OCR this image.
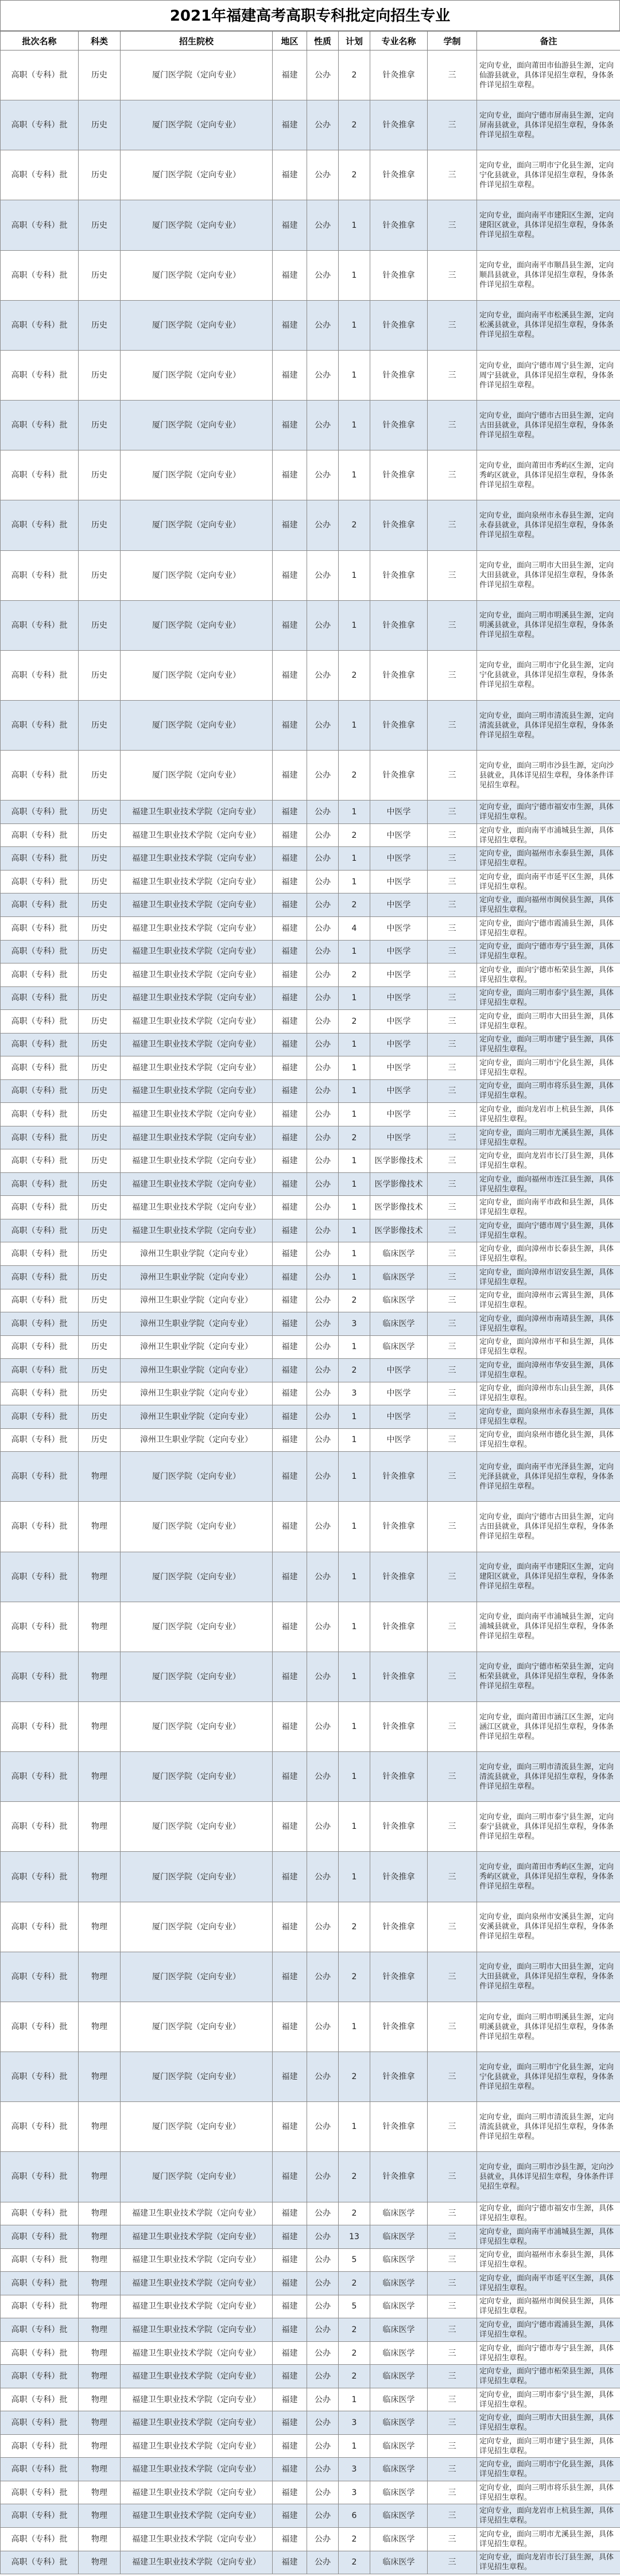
2021年福建高考高职专科批定向招生专业
批次名称	科类	招生院校	地区	性质	计划	专业名称	学制	备注
高职（专科）批	历史	厦门医学院（定向专业）	福建	公办	2	针灸推拿	三	定向专业，面向莆田市仙游县生源，定向仙游县就业，具体详见招生章程，身体条件详见招生章程。
高职（专科）批	历史	厦门医学院（定向专业）	福建	公办	2	针灸推拿	三	定向专业，面向宁德市屏南县生源，定向屏南县就业，具体详见招生章程，身体条件详见招生章程。
高职（专科）批	历史	厦门医学院（定向专业）	福建	公办	2	针灸推拿	三	定向专业，面向三明市宁化县生源，定向宁化县就业，具体详见招生章程，身体条件详见招生章程。
高职（专科）批	历史	厦门医学院（定向专业）	福建	公办	1	针灸推拿	三	定向专业，面向南平市建阳区生源，定向建阳区就业，具体详见招生章程，身体条件详见招生章程。
高职（专科）批	历史	厦门医学院（定向专业）	福建	公办	1	针灸推拿	三	定向专业，面向南平市顺昌县生源，定向顺昌县就业，具体详见招生章程，身体条件详见招生章程。
高职（专科）批	历史	厦门医学院（定向专业）	福建	公办	1	针灸推拿	三	定向专业，面向南平市松溪县生源，定向松溪县就业，具体详见招生章程，身体条件详见招生章程。
高职（专科）批	历史	厦门医学院（定向专业）	福建	公办	1	针灸推拿	三	定向专业，面向宁德市周宁县生源，定向周宁县就业，具体详见招生章程，身体条件详见招生章程。
高职（专科）批	历史	厦门医学院（定向专业）	福建	公办	1	针灸推拿	三	定向专业，面向宁德市古田县生源，定向古田县就业，具体详见招生章程，身体条件详见招生章程。
高职（专科）批	历史	厦门医学院（定向专业）	福建	公办	1	针灸推拿	三	定向专业，面向莆田市秀屿区生源，定向秀屿区就业，具体详见招生章程，身体条件详见招生章程。
高职（专科）批	历史	厦门医学院（定向专业）	福建	公办	2	针灸推拿	三	定向专业，面向泉州市永春县生源，定向永春县就业，具体详见招生章程，身体条件详见招生章程。
高职（专科）批	历史	厦门医学院（定向专业）	福建	公办	1	针灸推拿	三	定向专业，面向三明市大田县生源，定向大田县就业，具体详见招生章程，身体条件详见招生章程。
高职（专科）批	历史	厦门医学院（定向专业）	福建	公办	1	针灸推拿	三	定向专业，面向三明市明溪县生源，定向明溪县就业，具体详见招生章程，身体条件详见招生章程。
高职（专科）批	历史	厦门医学院（定向专业）	福建	公办	2	针灸推拿	三	定向专业，面向三明市宁化县生源，定向宁化县就业，具体详见招生章程，身体条件详见招生章程。
高职（专科）批	历史	厦门医学院（定向专业）	福建	公办	1	针灸推拿	三	定向专业，面向三明市清流县生源，定向清流县就业，具体详见招生章程，身体条件详见招生章程。
高职（专科）批	历史	厦门医学院（定向专业）	福建	公办	2	针灸推拿	三	定向专业，面向三明市沙县生源，定向沙县就业，具体详见招生章程，身体条件详见招生章程。
高职（专科）批	历史	福建卫生职业技术学院（定向专业）	福建	公办	1	中医学	三	定向专业，面向宁德市福安市生源，具体详见招生章程。
高职（专科）批	历史	福建卫生职业技术学院（定向专业）	福建	公办	2	中医学	三	定向专业，面向南平市浦城县生源，具体详见招生章程。
高职（专科）批	历史	福建卫生职业技术学院（定向专业）	福建	公办	1	中医学	三	定向专业，面向福州市永泰县生源，具体详见招生章程。
高职（专科）批	历史	福建卫生职业技术学院（定向专业）	福建	公办	1	中医学	三	定向专业，面向南平市延平区生源，具体详见招生章程。
高职（专科）批	历史	福建卫生职业技术学院（定向专业）	福建	公办	2	中医学	三	定向专业，面向福州市闽侯县生源，具体详见招生章程。
高职（专科）批	历史	福建卫生职业技术学院（定向专业）	福建	公办	4	中医学	三	定向专业，面向宁德市霞浦县生源，具体详见招生章程。
高职（专科）批	历史	福建卫生职业技术学院（定向专业）	福建	公办	1	中医学	三	定向专业，面向宁德市寿宁县生源，具体详见招生章程。
高职（专科）批	历史	福建卫生职业技术学院（定向专业）	福建	公办	2	中医学	三	定向专业，面向宁德市柘荣县生源，具体详见招生章程。
高职（专科）批	历史	福建卫生职业技术学院（定向专业）	福建	公办	1	中医学	三	定向专业，面向三明市泰宁县生源，具体详见招生章程。
高职（专科）批	历史	福建卫生职业技术学院（定向专业）	福建	公办	2	中医学	三	定向专业，面向三明市大田县生源，具体详见招生章程。
高职（专科）批	历史	福建卫生职业技术学院（定向专业）	福建	公办	1	中医学	三	定向专业，面向三明市建宁县生源，具体详见招生章程。
高职（专科）批	历史	福建卫生职业技术学院（定向专业）	福建	公办	1	中医学	三	定向专业，面向三明市宁化县生源，具体详见招生章程。
高职（专科）批	历史	福建卫生职业技术学院（定向专业）	福建	公办	1	中医学	三	定向专业，面向三明市将乐县生源，具体详见招生章程。
高职（专科）批	历史	福建卫生职业技术学院（定向专业）	福建	公办	1	中医学	三	定向专业，面向龙岩市上杭县生源，具体详见招生章程。
高职（专科）批	历史	福建卫生职业技术学院（定向专业）	福建	公办	2	中医学	三	定向专业，面向三明市尤溪县生源，具体详见招生章程。
高职（专科）批	历史	福建卫生职业技术学院（定向专业）	福建	公办	1	医学影像技术	三	定向专业，面向龙岩市长汀县生源，具体详见招生章程。
高职（专科）批	历史	福建卫生职业技术学院（定向专业）	福建	公办	1	医学影像技术	三	定向专业，面向福州市连江县生源，具体详见招生章程。
高职（专科）批	历史	福建卫生职业技术学院（定向专业）	福建	公办	1	医学影像技术	三	定向专业，面向南平市政和县生源，具体详见招生章程。
高职（专科）批	历史	福建卫生职业技术学院（定向专业）	福建	公办	1	医学影像技术	三	定向专业，面向宁德市周宁县生源，具体详见招生章程。
高职（专科）批	历史	漳州卫生职业学院（定向专业）	福建	公办	1	临床医学	三	定向专业，面向漳州市长泰县生源，具体详见招生章程。
高职（专科）批	历史	漳州卫生职业学院（定向专业）	福建	公办	1	临床医学	三	定向专业，面向漳州市诏安县生源，具体详见招生章程。
高职（专科）批	历史	漳州卫生职业学院（定向专业）	福建	公办	2	临床医学	三	定向专业，面向漳州市云霄县生源，具体详见招生章程。
高职（专科）批	历史	漳州卫生职业学院（定向专业）	福建	公办	3	临床医学	三	定向专业，面向漳州市南靖县生源，具体详见招生章程。
高职（专科）批	历史	漳州卫生职业学院（定向专业）	福建	公办	1	临床医学	三	定向专业，面向漳州市平和县生源，具体详见招生章程。
高职（专科）批	历史	漳州卫生职业学院（定向专业）	福建	公办	2	中医学	三	定向专业，面向漳州市华安县生源，具体详见招生章程。
高职（专科）批	历史	漳州卫生职业学院（定向专业）	福建	公办	3	中医学	三	定向专业，面向漳州市东山县生源，具体详见招生章程。
高职（专科）批	历史	漳州卫生职业学院（定向专业）	福建	公办	1	中医学	三	定向专业，面向泉州市永春县生源，具体详见招生章程。
高职（专科）批	历史	漳州卫生职业学院（定向专业）	福建	公办	1	中医学	三	定向专业，面向泉州市德化县生源，具体详见招生章程。
高职（专科）批	物理	厦门医学院（定向专业）	福建	公办	1	针灸推拿	三	定向专业，面向南平市光泽县生源，定向光泽县就业，具体详见招生章程，身体条件详见招生章程。
高职（专科）批	物理	厦门医学院（定向专业）	福建	公办	1	针灸推拿	三	定向专业，面向宁德市古田县生源，定向古田县就业，具体详见招生章程，身体条件详见招生章程。
高职（专科）批	物理	厦门医学院（定向专业）	福建	公办	1	针灸推拿	三	定向专业，面向南平市建阳区生源，定向建阳区就业，具体详见招生章程，身体条件详见招生章程。
高职（专科）批	物理	厦门医学院（定向专业）	福建	公办	1	针灸推拿	三	定向专业，面向南平市浦城县生源，定向浦城县就业，具体详见招生章程，身体条件详见招生章程。
高职（专科）批	物理	厦门医学院（定向专业）	福建	公办	1	针灸推拿	三	定向专业，面向宁德市柘荣县生源，定向柘荣县就业，具体详见招生章程，身体条件详见招生章程。
高职（专科）批	物理	厦门医学院（定向专业）	福建	公办	1	针灸推拿	三	定向专业，面向莆田市涵江区生源，定向涵江区就业，具体详见招生章程，身体条件详见招生章程。
高职（专科）批	物理	厦门医学院（定向专业）	福建	公办	1	针灸推拿	三	定向专业，面向三明市清流县生源，定向清流县就业，具体详见招生章程，身体条件详见招生章程。
高职（专科）批	物理	厦门医学院（定向专业）	福建	公办	1	针灸推拿	三	定向专业，面向三明市泰宁县生源，定向泰宁县就业，具体详见招生章程，身体条件详见招生章程。
高职（专科）批	物理	厦门医学院（定向专业）	福建	公办	1	针灸推拿	三	定向专业，面向莆田市秀屿区生源，定向秀屿区就业，具体详见招生章程，身体条件详见招生章程。
高职（专科）批	物理	厦门医学院（定向专业）	福建	公办	2	针灸推拿	三	定向专业，面向泉州市安溪县生源，定向安溪县就业，具体详见招生章程，身体条件详见招生章程。
高职（专科）批	物理	厦门医学院（定向专业）	福建	公办	2	针灸推拿	三	定向专业，面向三明市大田县生源，定向大田县就业，具体详见招生章程，身体条件详见招生章程。
高职（专科）批	物理	厦门医学院（定向专业）	福建	公办	1	针灸推拿	三	定向专业，面向三明市明溪县生源，定向明溪县就业，具体详见招生章程，身体条件详见招生章程。
高职（专科）批	物理	厦门医学院（定向专业）	福建	公办	2	针灸推拿	三	定向专业，面向三明市宁化县生源，定向宁化县就业，具体详见招生章程，身体条件详见招生章程。
高职（专科）批	物理	厦门医学院（定向专业）	福建	公办	1	针灸推拿	三	定向专业，面向三明市清流县生源，定向清流县就业，具体详见招生章程，身体条件详见招生章程。
高职（专科）批	物理	厦门医学院（定向专业）	福建	公办	2	针灸推拿	三	定向专业，面向三明市沙县生源，定向沙县就业，具体详见招生章程，身体条件详见招生章程。
高职（专科）批	物理	福建卫生职业技术学院（定向专业）	福建	公办	2	临床医学	三	定向专业，面向宁德市福安市生源，具体详见招生章程。
高职（专科）批	物理	福建卫生职业技术学院（定向专业）	福建	公办	13	临床医学	三	定向专业，面向南平市浦城县生源，具体详见招生章程。
高职（专科）批	物理	福建卫生职业技术学院（定向专业）	福建	公办	5	临床医学	三	定向专业，面向福州市永泰县生源，具体详见招生章程。
高职（专科）批	物理	福建卫生职业技术学院（定向专业）	福建	公办	2	临床医学	三	定向专业，面向南平市延平区生源，具体详见招生章程。
高职（专科）批	物理	福建卫生职业技术学院（定向专业）	福建	公办	5	临床医学	三	定向专业，面向福州市闽侯县生源，具体详见招生章程。
高职（专科）批	物理	福建卫生职业技术学院（定向专业）	福建	公办	2	临床医学	三	定向专业，面向宁德市霞浦县生源，具体详见招生章程。
高职（专科）批	物理	福建卫生职业技术学院（定向专业）	福建	公办	2	临床医学	三	定向专业，面向宁德市寿宁县生源，具体详见招生章程。
高职（专科）批	物理	福建卫生职业技术学院（定向专业）	福建	公办	2	临床医学	三	定向专业，面向宁德市柘荣县生源，具体详见招生章程。
高职（专科）批	物理	福建卫生职业技术学院（定向专业）	福建	公办	1	临床医学	三	定向专业，面向三明市泰宁县生源，具体详见招生章程。
高职（专科）批	物理	福建卫生职业技术学院（定向专业）	福建	公办	3	临床医学	三	定向专业，面向三明市大田县生源，具体详见招生章程。
高职（专科）批	物理	福建卫生职业技术学院（定向专业）	福建	公办	1	临床医学	三	定向专业，面向三明市建宁县生源，具体详见招生章程。
高职（专科）批	物理	福建卫生职业技术学院（定向专业）	福建	公办	3	临床医学	三	定向专业，面向三明市宁化县生源，具体详见招生章程。
高职（专科）批	物理	福建卫生职业技术学院（定向专业）	福建	公办	3	临床医学	三	定向专业，面向三明市将乐县生源，具体详见招生章程。
高职（专科）批	物理	福建卫生职业技术学院（定向专业）	福建	公办	6	临床医学	三	定向专业，面向龙岩市上杭县生源，具体详见招生章程。
高职（专科）批	物理	福建卫生职业技术学院（定向专业）	福建	公办	2	临床医学	三	定向专业，面向三明市尤溪县生源，具体详见招生章程。
高职（专科）批	物理	福建卫生职业技术学院（定向专业）	福建	公办	2	临床医学	三	定向专业，面向龙岩市长汀县生源，具体详见招生章程。
